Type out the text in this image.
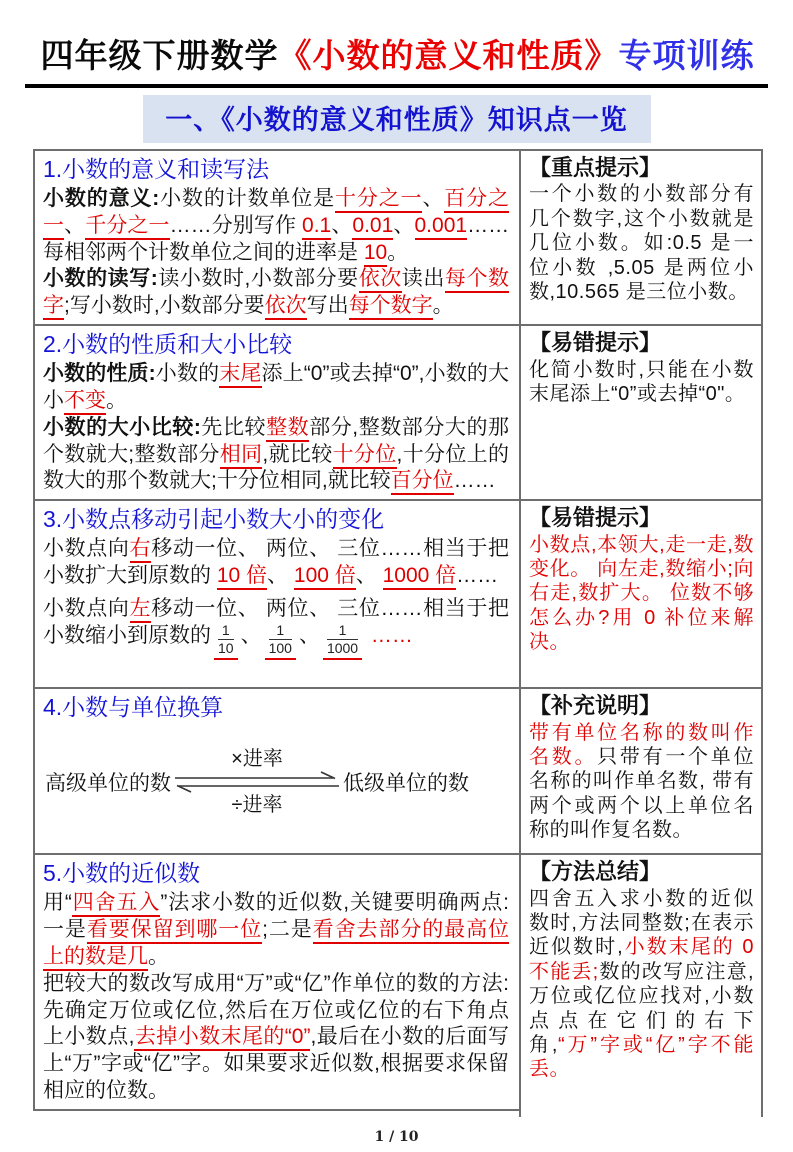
四年级下册数学《小数的意义和性质》专项训练
一、《小数的意义和性质》知识点一览
1.小数的意义和读写法

小数的意义:小数的计数单位是十分之一、百分之一、千分之一……分别写作 0.1、0.01、0.001……每相邻两个计数单位之间的进率是 10。

小数的读写:读小数时,小数部分要依次读出每个数字;写小数时,小数部分要依次写出每个数字。

【重点提示】

一个小数的小数部分有几个数字,这个小数就是几位小数。如:0.5 是一位小数 ,5.05 是两位小数,10.565 是三位小数。

2.小数的性质和大小比较

小数的性质:小数的末尾添上“0”或去掉“0”,小数的大小不变。

小数的大小比较:先比较整数部分,整数部分大的那个数就大;整数部分相同,就比较十分位,十分位上的数大的那个数就大;十分位相同,就比较百分位……

【易错提示】

化简小数时,只能在小数末尾添上“0”或去掉“0"。

3.小数点移动引起小数大小的变化

小数点向右移动一位、 两位、 三位……相当于把小数扩大到原数的 10 倍、 100 倍、 1000 倍……

小数点向左移动一位、 两位、 三位……相当于把小数缩小到原数的 $\frac{1}{10}$ 、 $\frac{1}{100}$ 、 $\frac{1}{1000}$ ……

【易错提示】

小数点,本领大,走一走,数变化。 向左走,数缩小;向右走,数扩大。 位数不够怎么办?用 0 补位来解决。

4.小数与单位换算
高级单位的数
×进率
÷进率
低级单位的数
【补充说明】

带有单位名称的数叫作名数。只带有一个单位名称的叫作单名数, 带有两个或两个以上单位名称的叫作复名数。

5.小数的近似数

用“四舍五入”法求小数的近似数,关键要明确两点:一是看要保留到哪一位;二是看舍去部分的最高位上的数是几。

把较大的数改写成用“万”或“亿”作单位的数的方法:先确定万位或亿位,然后在万位或亿位的右下角点上小数点,去掉小数末尾的“0”,最后在小数的后面写上“万”字或“亿”字。如果要求近似数,根据要求保留相应的位数。

【方法总结】

四舍五入求小数的近似数时,方法同整数;在表示近似数时,小数末尾的 0 不能丢;数的改写应注意, 万位或亿位应找对,小数点点在它们的右下角,“万”字或“亿”字不能丢。

1 / 10
